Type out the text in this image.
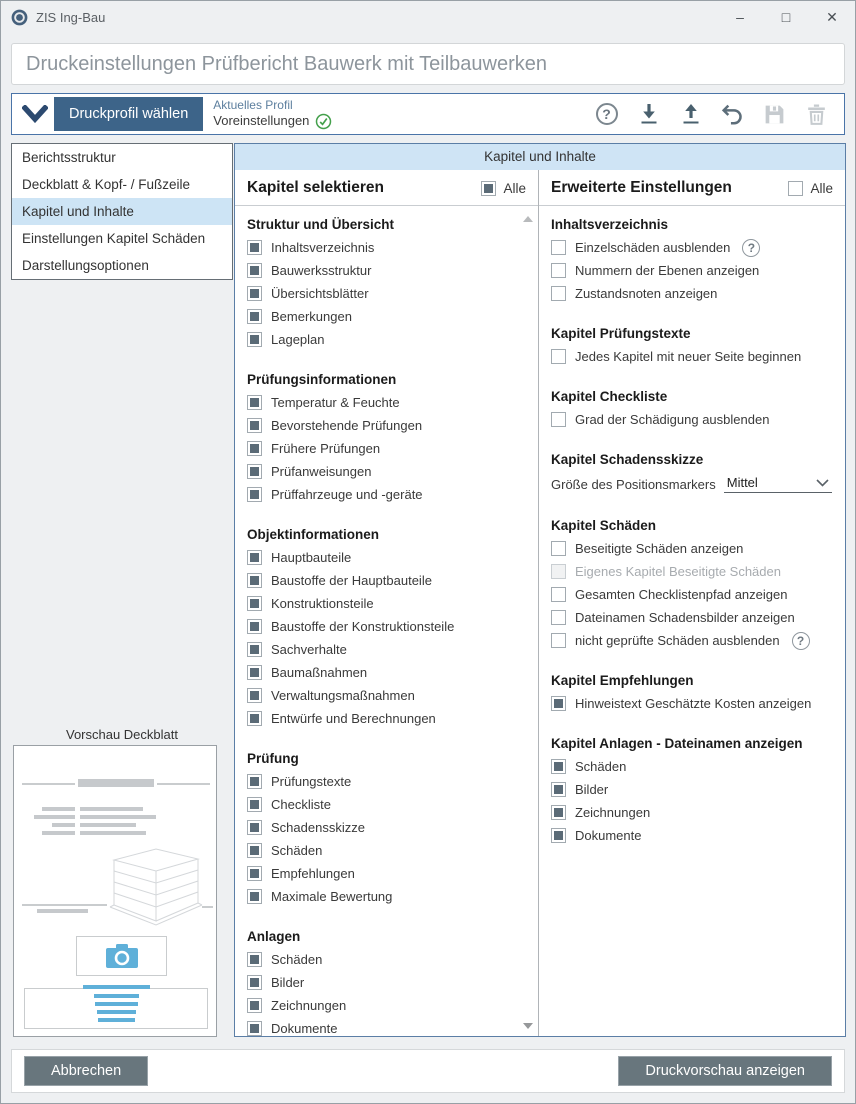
ZIS Ing-Bau	–	□	✕
Druckeinstellungen Prüfbericht Bauwerk mit Teilbauwerken
Druckprofil wählen
Aktuelles Profil
Voreinstellungen	?
Berichtsstruktur
Deckblatt & Kopf- / Fußzeile
Kapitel und Inhalte
Einstellungen Kapitel Schäden
Darstellungsoptionen
Kapitel und Inhalte
Kapitel selektieren	Alle
Struktur und Übersicht
Inhaltsverzeichnis
Bauwerksstruktur
Übersichtsblätter
Bemerkungen
Lageplan
Prüfungsinformationen
Temperatur & Feuchte
Bevorstehende Prüfungen
Frühere Prüfungen
Prüfanweisungen
Prüffahrzeuge und -geräte
Objektinformationen
Hauptbauteile
Baustoffe der Hauptbauteile
Konstruktionsteile
Baustoffe der Konstruktionsteile
Sachverhalte
Baumaßnahmen
Verwaltungsmaßnahmen
Entwürfe und Berechnungen
Prüfung
Prüfungstexte
Checkliste
Schadensskizze
Schäden
Empfehlungen
Maximale Bewertung
Anlagen
Schäden
Bilder
Zeichnungen
Dokumente
Erweiterte Einstellungen	Alle
Inhaltsverzeichnis
Einzelschäden ausblenden	?
Nummern der Ebenen anzeigen
Zustandsnoten anzeigen
Kapitel Prüfungstexte
Jedes Kapitel mit neuer Seite beginnen
Kapitel Checkliste
Grad der Schädigung ausblenden
Kapitel Schadensskizze
Größe des Positionsmarkers Mittel
Kapitel Schäden
Beseitigte Schäden anzeigen
Eigenes Kapitel Beseitigte Schäden
Gesamten Checklistenpfad anzeigen
Dateinamen Schadensbilder anzeigen
nicht geprüfte Schäden ausblenden	?
Kapitel Empfehlungen
Hinweistext Geschätzte Kosten anzeigen
Kapitel Anlagen - Dateinamen anzeigen
Schäden
Bilder
Zeichnungen
Dokumente
Vorschau Deckblatt
Abbrechen	Druckvorschau anzeigen
